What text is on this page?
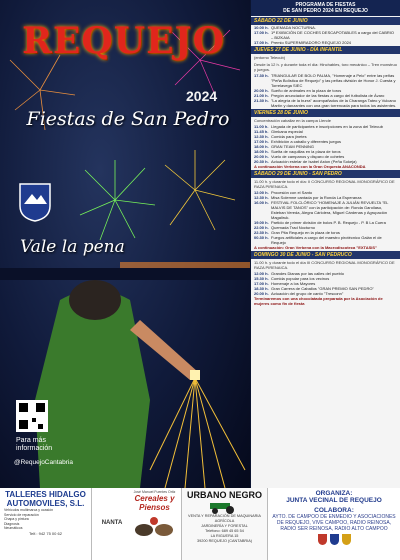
REQUEJO
2024
Fiestas de San Pedro
Vale la pena
Para más
información
@RequejoCantabria
PROGRAMA DE FIESTAS
DE SAN PEDRO 2024 EN REQUEJO
SÁBADO 22 DE JUNIO
10.00 h. QUEMADA NOCTURNA.
17.00 h. 1ª EXIBICIÓN DE COCHES DESCAPOTABLES a cargo del CABRIO – BIZKAIA
17.00 h. Premio SUPERMIRADORO REQUEJO 2024
JUEVES 27 DE JUNIO - DÍA INFANTIL
(entorno Telecub)
Desde la 12 h. y durante toda el día: Hinchables, toro mecánico – Tren monstruo y juegos.
17.30 h. TRIANGULAR DE BOLO PALMA, "Homenaje a Pelo" entre las peñas "Peña Bolística de Requejo" y las peñas división de Honor J. Cuesta y Torrelavega SIEC
20.00 h. Sueño de animales en la plaza de toros
21.00 h. Pregón anunciador de las fiestas a cargo del futbolista de Ávaro
21.30 h. "La alegría de la burra" acompañados de la Charanga Tateo y Vulcano Martín y danzantes con una gran torrencada para todos los asistentes.
VIERNES 28 DE JUNIO
Concentración caballar en la campa Llende
11.00 h. Llegada de participantes e inscripciones en la zona del Telecub
11.45 h. Gimkana especial
12.30 h. Comida para jinetes
17.00 h. Exhibición a caballo y diferentes juegos
18.00 h. GRAN TEAM PENNING
18.00 h. Suelta de vaquillas en la plaza de toros
20.00 h. Vuelo de campanos y disparo de cohetes
20.30 h. Actuación estelar de Isabel Aston (Peña Sokeja)
A continuación Verbena con la Gran Orquesta ANACONDA
SÁBADO 29 DE JUNIO - SAN PEDRO
11.00 h. y durante todo el día: II CONCURSO REGIONAL MONOGRÁFICO DE RAZA PIRENAICA.
12.00 h. Procesión con el Santo
12.30 h. Misa Solemne cantada por la Ronda La Esperanza
16.00 h. FESTIVAL FOLCLÓRICO "HOMENAJE A JULIÁN REVUELTA "EL MALVIS DE TANOS" con la participación de: Ronda Garoilaso, Esteban Vereda, Alegra Cárlolera, Miguel Cárdenas y Agrupación Magaliruk.
19.00 h. Partido de primer división de bolos P. B. Requejo - P. B La Cuera
22.00 h. Quemada Trad Nocturno
22.30 h. Gran Pita Requejo en la plaza de toros
00.30 h. Fuegos artificiales a cargo del maestro pirotécnico Galán el de Requejo
A continuación: Gran Verbena con la Macrodiscoteca "EXTASIS"
DOMINGO 30 DE JUNIO - SAN PEDRUCO
11.00 h. y durante todo el día III CONCURSO REGIONAL MONOGRÁFICO DE RAZA PIRENAICA.
12.00 h. Grandes Dianas por las calles del pueblo
15.30 h. Comida popular para los vecinos
17.00 h. Homenaje a los Mayores
18.30 h. Gran Carrera de Caballos "GRAN PREMIO SAN PEDRO"
20.00 h. Actuación del grupo de canto "Tresconn"
Terminaremos con una chocolatada preparada por la Asociación de mujeres como fin de fiesta
TALLERES HIDALGO AUTOMOVILES, S.L.
Vehículos multimarca y ocasión
Servicio de reparación
Chapa y pintura
Diagnosis
Neumáticos
Telf.: 942 75 00 62
NANTA
José Manuel Fuentes Ortiz
Cereales y Piensos
URBANO NEGRO
VENTA Y REPARACIÓN DE MAQUINARIA AGRÍCOLA
JARDINERÍA Y FORESTAL
Teléfono: 689 45 65 54
LA RIGUERA 15
39200 REQUEJO (CANTABRIA)
ORGANIZA:
JUNTA VECINAL DE REQUEJO
COLABORA:
AYTO. DE CAMPOO DE ENMEDIO Y ASOCIACIONES DE REQUEJO, VIVE CAMPOO, RADIO REINOSA, RADIO SER REINOSA, RADIO ALTO CAMPOO
